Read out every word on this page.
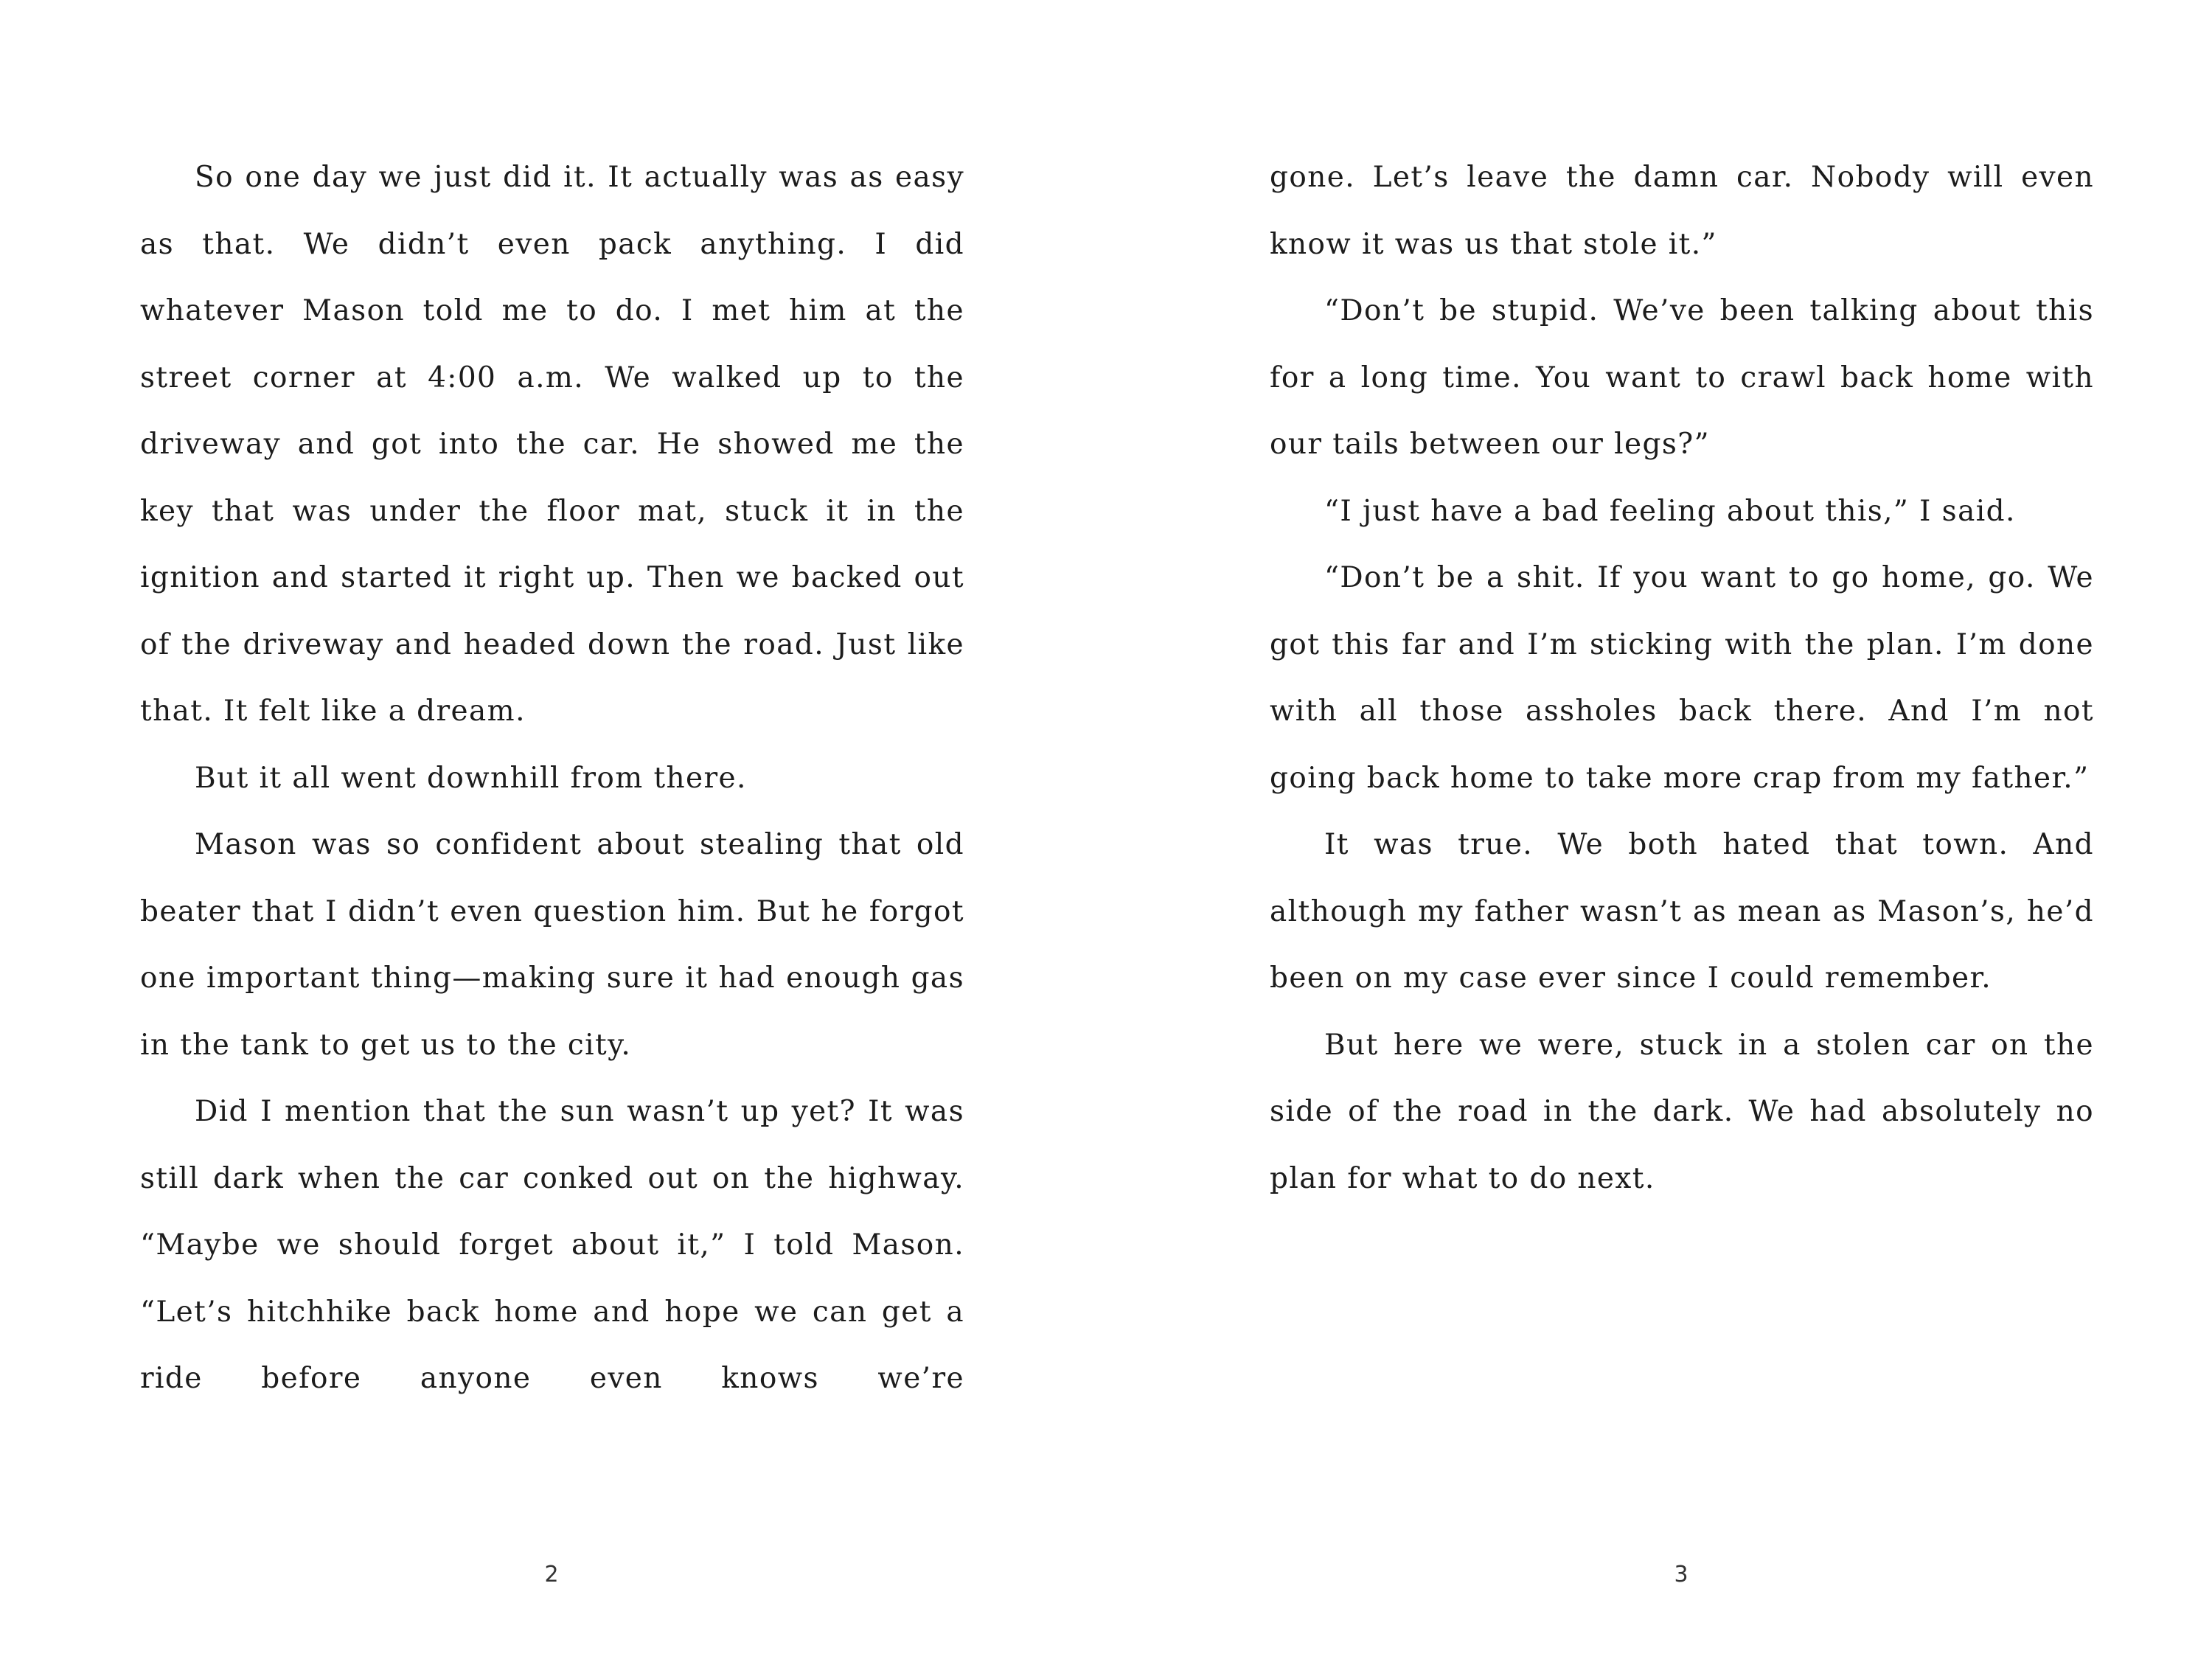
So one day we just did it. It actually was as easy as that. We didn’t even pack anything. I did whatever Mason told me to do. I met him at the street corner at 4:00 a.m. We walked up to the driveway and got into the car. He showed me the key that was under the floor mat, stuck it in the ignition and started it right up. Then we backed out of the driveway and headed down the road. Just like that. It felt like a dream.

But it all went downhill from there.

Mason was so confident about stealing that old beater that I didn’t even question him. But he forgot one important thing—making sure it had enough gas in the tank to get us to the city.

Did I mention that the sun wasn’t up yet? It was still dark when the car conked out on the highway. “Maybe we should forget about it,” I told Mason. “Let’s hitchhike back home and hope we can get a ride before anyone even knows we’re

2

gone. Let’s leave the damn car. Nobody will even know it was us that stole it.”

“Don’t be stupid. We’ve been talking about this for a long time. You want to crawl back home with our tails between our legs?”

“I just have a bad feeling about this,” I said.

“Don’t be a shit. If you want to go home, go. We got this far and I’m sticking with the plan. I’m done with all those assholes back there. And I’m not going back home to take more crap from my father.”

It was true. We both hated that town. And although my father wasn’t as mean as Mason’s, he’d been on my case ever since I could remember.

But here we were, stuck in a stolen car on the side of the road in the dark. We had absolutely no plan for what to do next.

3
